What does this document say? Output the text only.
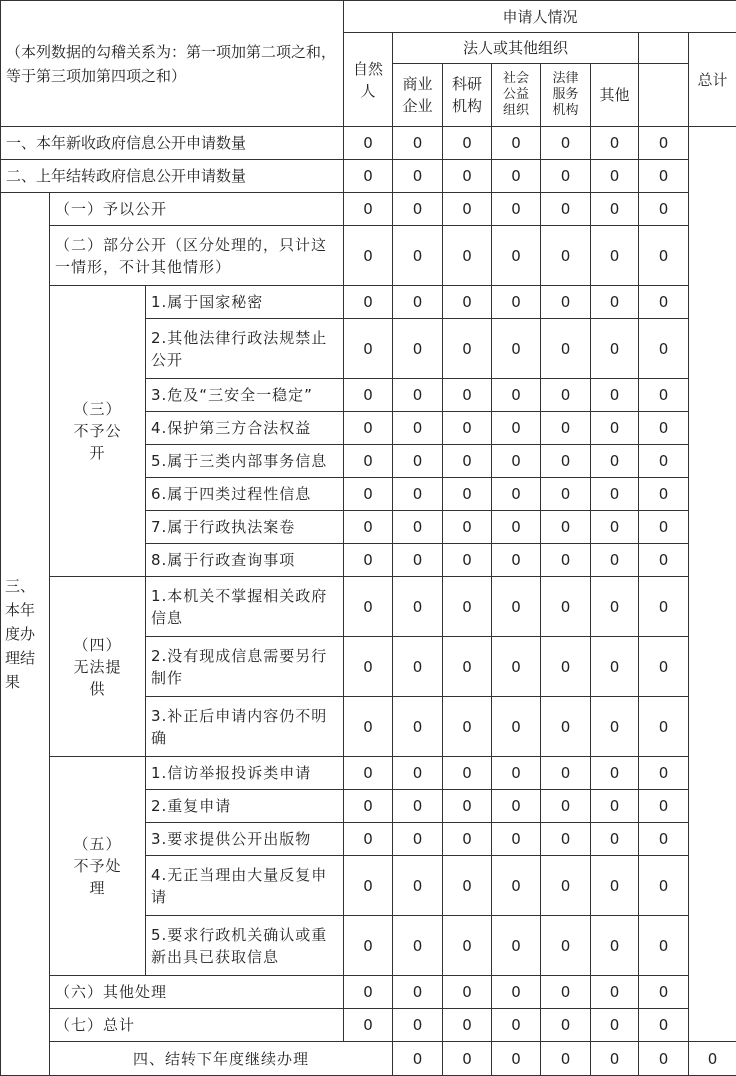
（本列数据的勾稽关系为：第一项加第二项之和，等于第三项加第四项之和）			申请人情况							
			自然人	法人或其他组织						总计
				商业企业	科研机构	社会公益组织	法律服务机构	其他		
一、本年新收政府信息公开申请数量			0	0	0	0	0	0	0	
二、上年结转政府信息公开申请数量			0	0	0	0	0	0	0	
三、本年度办理结果	（一）予以公开		0	0	0	0	0	0	0	
	（二）部分公开（区分处理的，只计这一情形，不计其他情形）		0	0	0	0	0	0	0	
	（三）不予公开	1.属于国家秘密	0	0	0	0	0	0	0	
		2.其他法律行政法规禁止公开	0	0	0	0	0	0	0	
		3.危及“三安全一稳定”	0	0	0	0	0	0	0	
		4.保护第三方合法权益	0	0	0	0	0	0	0	
		5.属于三类内部事务信息	0	0	0	0	0	0	0	
		6.属于四类过程性信息	0	0	0	0	0	0	0	
		7.属于行政执法案卷	0	0	0	0	0	0	0	
		8.属于行政查询事项	0	0	0	0	0	0	0	
	（四）无法提供	1.本机关不掌握相关政府信息	0	0	0	0	0	0	0	
		2.没有现成信息需要另行制作	0	0	0	0	0	0	0	
		3.补正后申请内容仍不明确	0	0	0	0	0	0	0	
	（五）不予处理	1.信访举报投诉类申请	0	0	0	0	0	0	0	
		2.重复申请	0	0	0	0	0	0	0	
		3.要求提供公开出版物	0	0	0	0	0	0	0	
		4.无正当理由大量反复申请	0	0	0	0	0	0	0	
		5.要求行政机关确认或重新出具已获取信息	0	0	0	0	0	0	0	
	（六）其他处理		0	0	0	0	0	0	0	
	（七）总计		0	0	0	0	0	0	0	
	四、结转下年度继续办理			0	0	0	0	0	0	0
